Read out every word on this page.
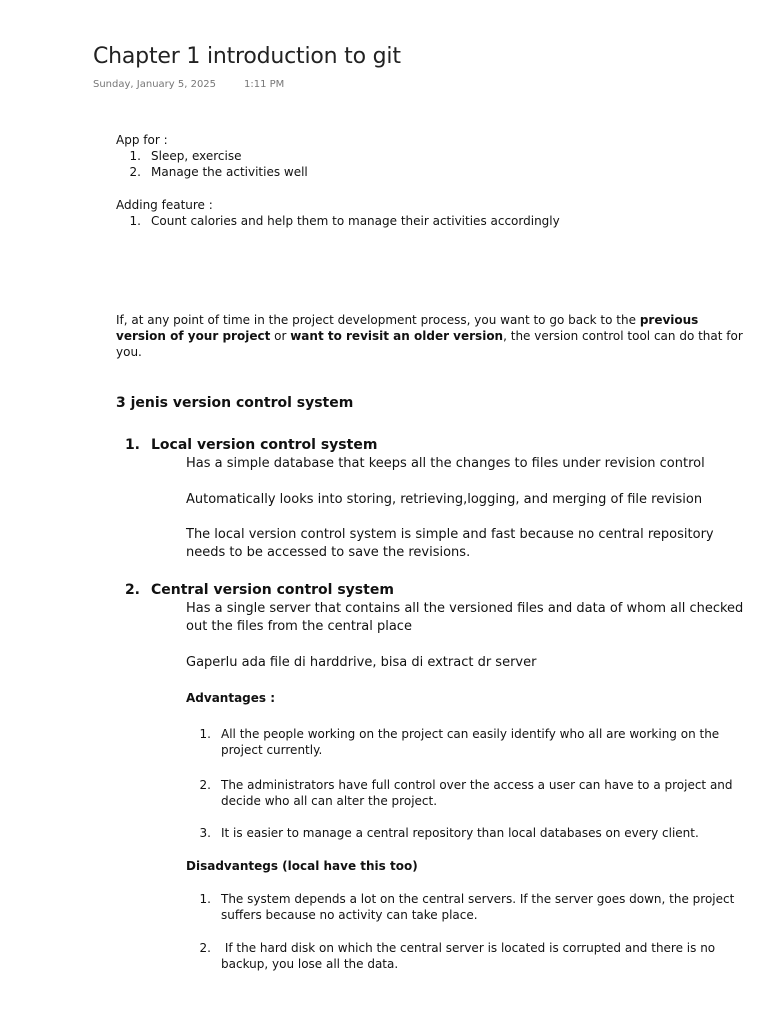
Chapter 1 introduction to git
Sunday, January 5, 2025	1:11 PM
App for :
1. Sleep, exercise
2. Manage the activities well
Adding feature :
1. Count calories and help them to manage their activities accordingly
If, at any point of time in the project development process, you want to go back to the previous version of your project or want to revisit an older version, the version control tool can do that for you.
3 jenis version control system
1. Local version control system
Has a simple database that keeps all the changes to files under revision control
Automatically looks into storing, retrieving,logging, and merging of file revision
The local version control system is simple and fast because no central repository needs to be accessed to save the revisions.
2. Central version control system
Has a single server that contains all the versioned files and data of whom all checked out the files from the central place
Gaperlu ada file di harddrive, bisa di extract dr server
Advantages :
1. All the people working on the project can easily identify who all are working on the project currently.
2. The administrators have full control over the access a user can have to a project and decide who all can alter the project.
3. It is easier to manage a central repository than local databases on every client.
Disadvantegs (local have this too)
1. The system depends a lot on the central servers. If the server goes down, the project suffers because no activity can take place.
2. If the hard disk on which the central server is located is corrupted and there is no backup, you lose all the data.
